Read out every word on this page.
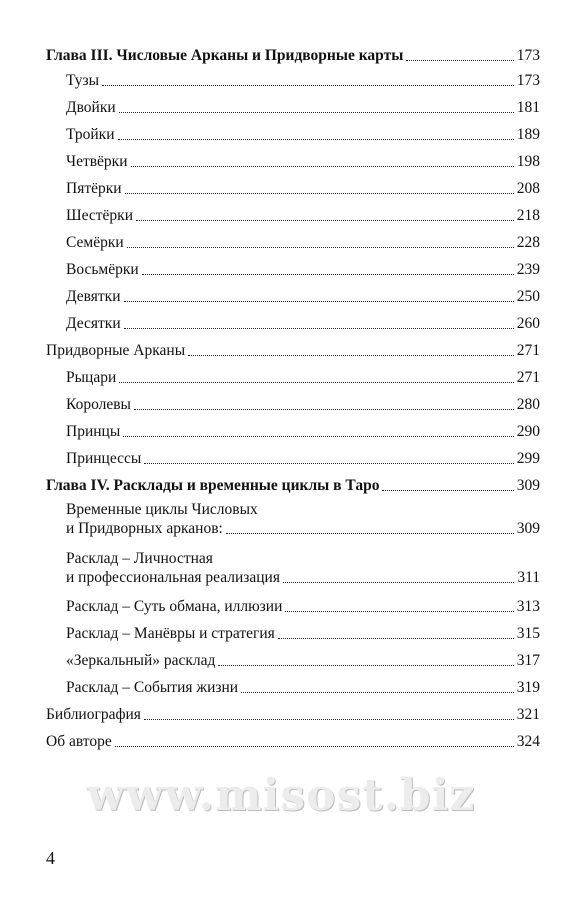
Глава III. Числовые Арканы и Придворные карты	173
Тузы	173
Двойки	181
Тройки	189
Четвёрки	198
Пятёрки	208
Шестёрки	218
Семёрки	228
Восьмёрки	239
Девятки	250
Десятки	260
Придворные Арканы	271
Рыцари	271
Королевы	280
Принцы	290
Принцессы	299
Глава IV. Расклады и временные циклы в Таро	309
Временные циклы Числовых
и Придворных арканов:	309
Расклад – Личностная
и профессиональная реализация	311
Расклад – Суть обмана, иллюзии	313
Расклад – Манёвры и стратегия	315
«Зеркальный» расклад	317
Расклад – События жизни	319
Библиография	321
Об авторе	324
www.misost.biz
4
